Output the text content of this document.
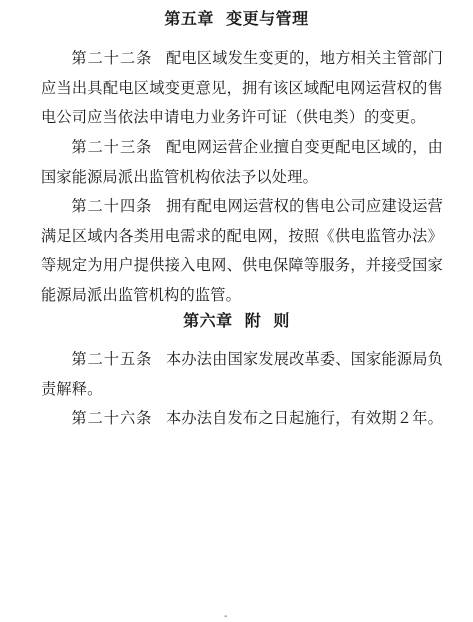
第五章  变更与管理
第二十二条 配电区域发生变更的，地方相关主管部门应当出具配电区域变更意见，拥有该区域配电网运营权的售电公司应当依法申请电力业务许可证（供电类）的变更。
第二十三条 配电网运营企业擅自变更配电区域的，由国家能源局派出监管机构依法予以处理。
第二十四条 拥有配电网运营权的售电公司应建设运营满足区域内各类用电需求的配电网，按照《供电监管办法》等规定为用户提供接入电网、供电保障等服务，并接受国家能源局派出监管机构的监管。
第六章  附  则
第二十五条 本办法由国家发展改革委、国家能源局负责解释。
第二十六条 本办法自发布之日起施行，有效期２年。
-
